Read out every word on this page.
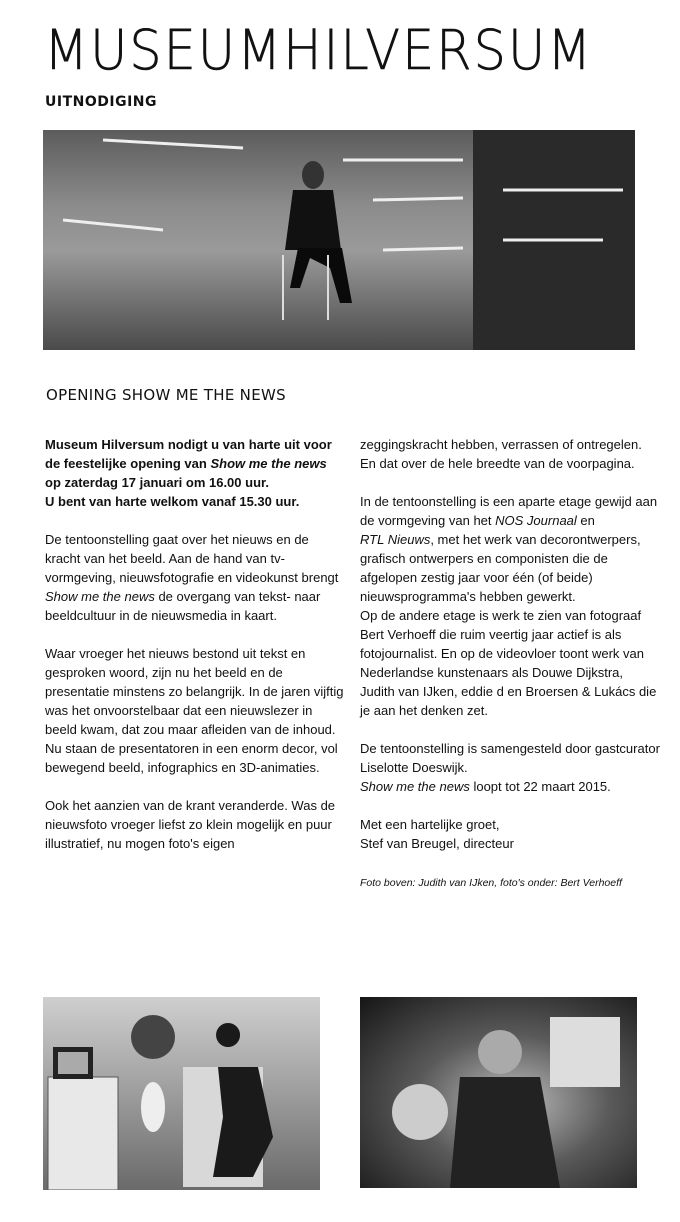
MUSEUMHILVERSUM
UITNODIGING
OPENING SHOW ME THE NEWS

Museum Hilversum nodigt u van harte uit voor de feestelijke opening van Show me the news op zaterdag 17 januari om 16.00 uur.
U bent van harte welkom vanaf 15.30 uur.

De tentoonstelling gaat over het nieuws en de kracht van het beeld. Aan de hand van tv-vormgeving, nieuwsfotografie en videokunst brengt Show me the news de overgang van tekst- naar beeldcultuur in de nieuwsmedia in kaart.

Waar vroeger het nieuws bestond uit tekst en gesproken woord, zijn nu het beeld en de presentatie minstens zo belangrijk. In de jaren vijftig was het onvoorstelbaar dat een nieuwslezer in beeld kwam, dat zou maar afleiden van de inhoud. Nu staan de presentatoren in een enorm decor, vol bewegend beeld, infographics en 3D-animaties.

Ook het aanzien van de krant veranderde. Was de nieuwsfoto vroeger liefst zo klein mogelijk en puur illustratief, nu mogen foto's eigen

zeggingskracht hebben, verrassen of ontregelen. En dat over de hele breedte van de voorpagina.

In de tentoonstelling is een aparte etage gewijd aan de vormgeving van het NOS Journaal en
RTL Nieuws, met het werk van decorontwerpers, grafisch ontwerpers en componisten die de afgelopen zestig jaar voor één (of beide) nieuwsprogramma's hebben gewerkt.
Op de andere etage is werk te zien van fotograaf Bert Verhoeff die ruim veertig jaar actief is als fotojournalist. En op de videovloer toont werk van Nederlandse kunstenaars als Douwe Dijkstra, Judith van IJken, eddie d en Broersen & Lukács die je aan het denken zet.

De tentoonstelling is samengesteld door gastcurator Liselotte Doeswijk.
Show me the news loopt tot 22 maart 2015.

Met een hartelijke groet,
Stef van Breugel, directeur

Foto boven: Judith van IJken, foto's onder: Bert Verhoeff
